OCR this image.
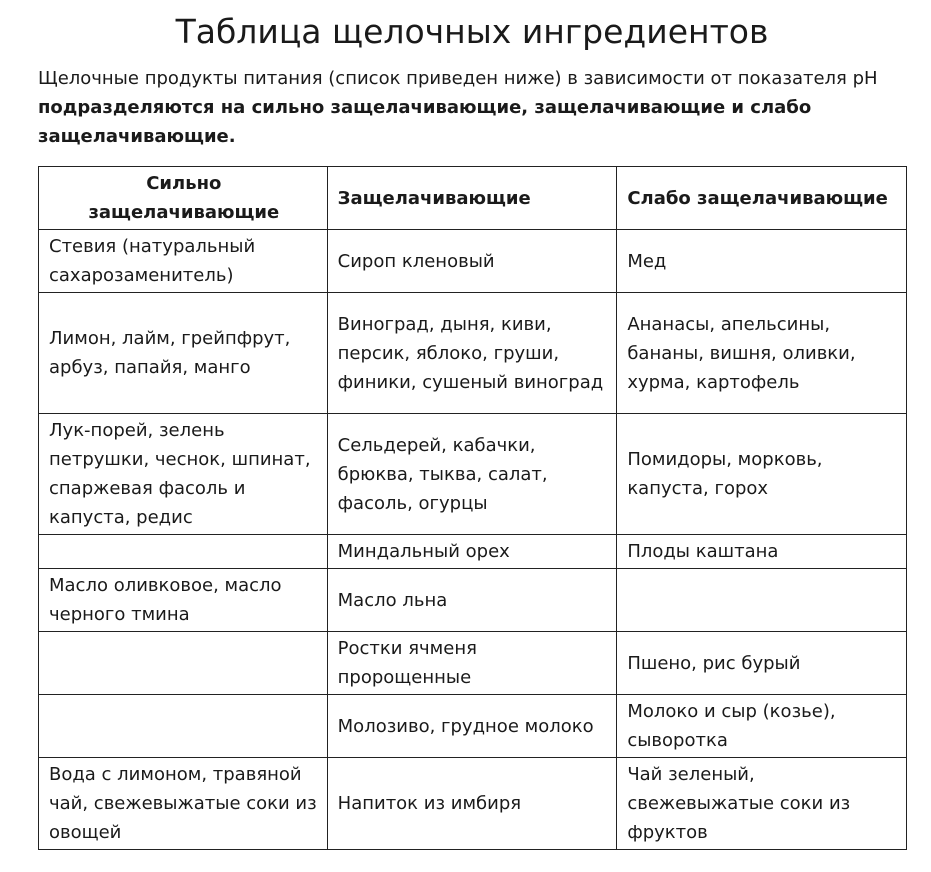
Таблица щелочных ингредиентов

Щелочные продукты питания (список приведен ниже) в зависимости от показателя pH подразделяются на сильно защелачивающие, защелачивающие и слабо защелачивающие.

Сильно защелачивающие	Защелачивающие	Слабо защелачивающие
Стевия (натуральный сахарозаменитель)	Сироп кленовый	Мед
Лимон, лайм, грейпфрут, арбуз, папайя, манго	Виноград, дыня, киви, персик, яблоко, груши, финики, сушеный виноград	Ананасы, апельсины, бананы, вишня, оливки, хурма, картофель
Лук-порей, зелень петрушки, чеснок, шпинат, спаржевая фасоль и капуста, редис	Сельдерей, кабачки, брюква, тыква, салат, фасоль, огурцы	Помидоры, морковь, капуста, горох
	Миндальный орех	Плоды каштана
Масло оливковое, масло черного тмина	Масло льна	
	Ростки ячменя пророщенные	Пшено, рис бурый
	Молозиво, грудное молоко	Молоко и сыр (козье), сыворотка
Вода с лимоном, травяной чай, свежевыжатые соки из овощей	Напиток из имбиря	Чай зеленый, свежевыжатые соки из фруктов
